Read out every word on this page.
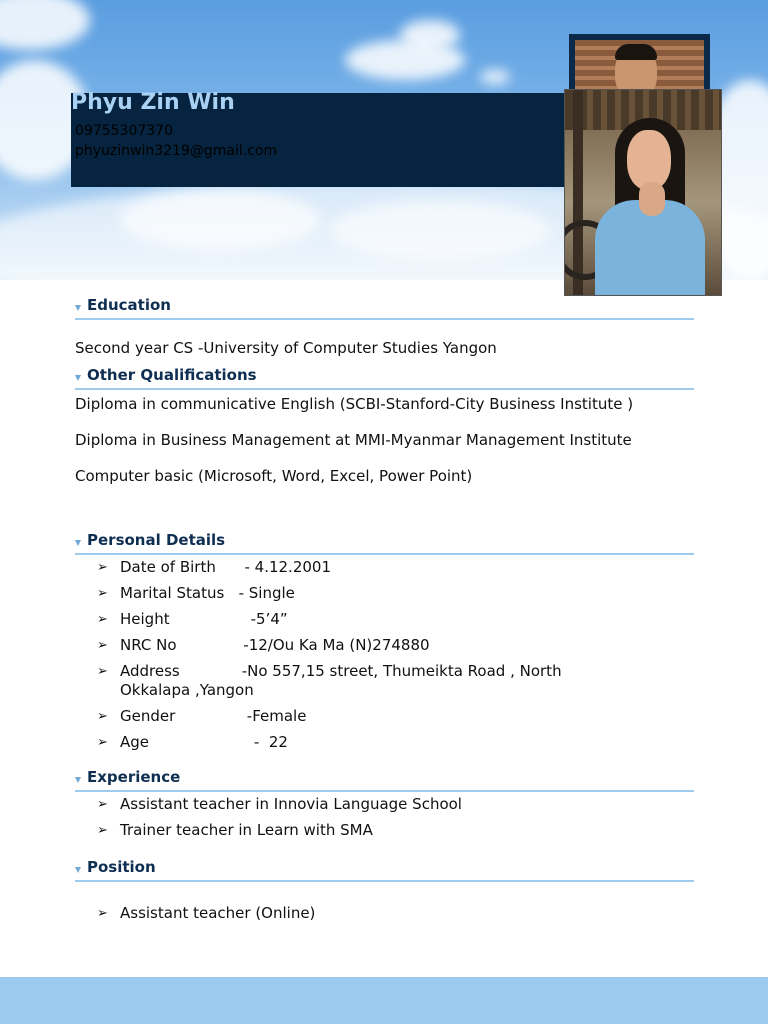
Phyu Zin Win
09755307370
phyuzinwin3219@gmail.com
Education
Second year CS -University of Computer Studies Yangon
Other Qualifications
Diploma in communicative English (SCBI-Stanford-City Business Institute )
Diploma in Business Management at MMI-Myanmar Management Institute
Computer basic (Microsoft, Word, Excel, Power Point)
Personal Details
➢ Date of Birth      - 4.12.2001
➢ Marital Status   - Single
➢ Height                 -5’4”
➢ NRC No              -12/Ou Ka Ma (N)274880
➢ Address             -No 557,15 street, Thumeikta Road , North
Okkalapa ,Yangon
➢ Gender               -Female
➢ Age                      -  22
Experience
➢ Assistant teacher in Innovia Language School
➢ Trainer teacher in Learn with SMA
Position
➢ Assistant teacher (Online)
